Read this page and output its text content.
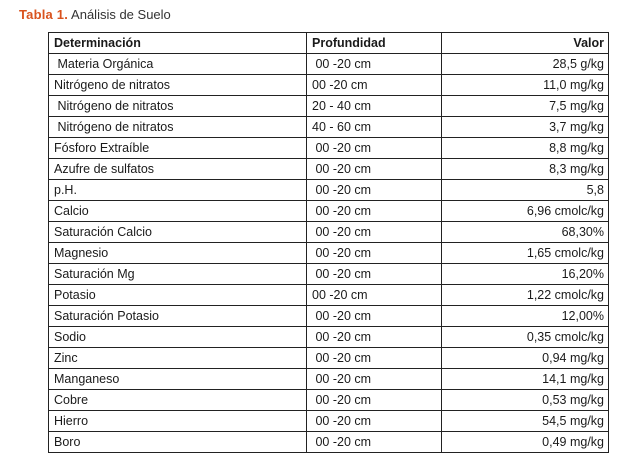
Tabla 1. Análisis de Suelo
Determinación	Profundidad	Valor
Materia Orgánica	00 -20 cm	28,5 g/kg
Nitrógeno de nitratos	00 -20 cm	11,0 mg/kg
Nitrógeno de nitratos	20 - 40 cm	7,5 mg/kg
Nitrógeno de nitratos	40 - 60 cm	3,7 mg/kg
Fósforo Extraíble	00 -20 cm	8,8 mg/kg
Azufre de sulfatos	00 -20 cm	8,3 mg/kg
p.H.	00 -20 cm	5,8
Calcio	00 -20 cm	6,96 cmolc/kg
Saturación Calcio	00 -20 cm	68,30%
Magnesio	00 -20 cm	1,65 cmolc/kg
Saturación Mg	00 -20 cm	16,20%
Potasio	00 -20 cm	1,22 cmolc/kg
Saturación Potasio	00 -20 cm	12,00%
Sodio	00 -20 cm	0,35 cmolc/kg
Zinc	00 -20 cm	0,94 mg/kg
Manganeso	00 -20 cm	14,1 mg/kg
Cobre	00 -20 cm	0,53 mg/kg
Hierro	00 -20 cm	54,5 mg/kg
Boro	00 -20 cm	0,49 mg/kg
